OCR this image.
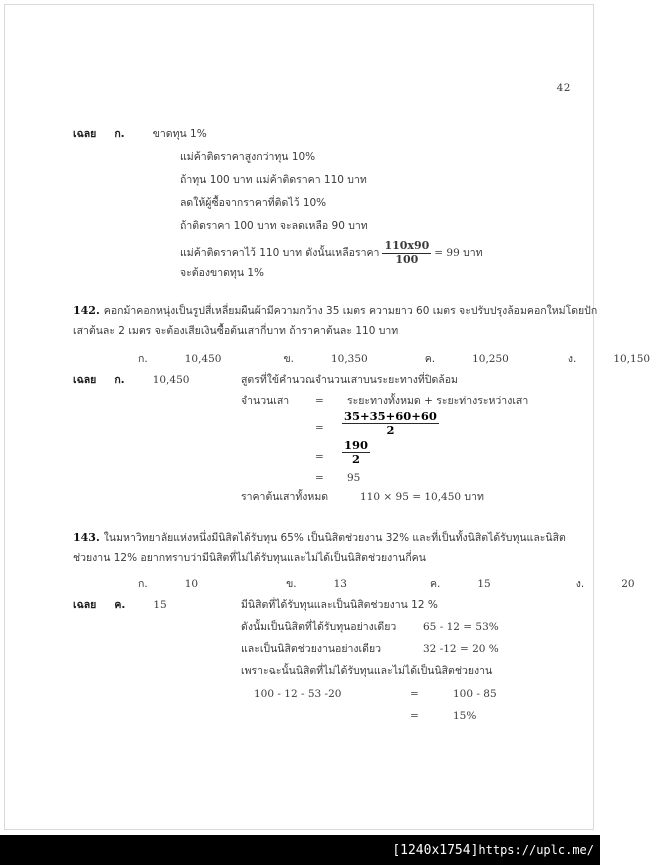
42
เฉลย ก.	ขาดทุน 1%
แม่ค้าติดราคาสูงกว่าทุน 10%
ถ้าทุน 100 บาท แม่ค้าติดราคา 110 บาท
ลดให้ผู้ซื้อจากราคาที่ติดไว้ 10%
ถ้าติดราคา 100 บาท จะลดเหลือ 90 บาท
แม่ค้าติดราคาไว้ 110 บาท ดังนั้นเหลือราคา $\frac{110x90}{100} = 99$ บาท
จะต้องขาดทุน 1%
142. คอกม้าคอกหนุ่งเป็นรูปสี่เหลี่ยมผืนผ้ามีความกว้าง 35 เมตร ความยาว 60 เมตร จะปรับปรุงล้อมคอกใหม่โดยปัก
เสาต้นละ 2 เมตร จะต้องเสียเงินซื้อต้นเสากี่บาท ถ้าราคาต้นละ 110 บาท
ก.	10,450	ข.	10,350	ค.	10,250	ง.	10,150
เฉลย ก.	10,450	สูตรที่ใข้คำนวณจำนวนเสาบนระยะทางที่ปิดล้อม
จำนวนเสา = ระยะทางทั้งหมด + ระยะท่างระหว่างเสา
= $\frac{35+35+60+60}{2}$
= $\frac{190}{2}$
= 95
ราคาต้นเสาทั้งหมด	110 × 95 = 10,450 บาท
143. ในมหาวิทยาลัยแห่งหนึ่งมีนิสิตได้รับทุน 65% เป็นนิสิตช่วยงาน 32% และที่เป็นทั้งนิสิตได้รับทุนและนิสิต
ช่วยงาน 12% อยากทราบว่ามีนิสิตที่ไม่ได้รับทุนและไม่ได้เป็นนิสิตช่วยงานกี่คน
ก.	10	ข.	13	ค.	15	ง.	20
เฉลย ค.	15	มีนิสิตที่ได้รับทุนและเป็นนิสิตช่วยงาน 12 %
ดังนั้มเป็นนิสิตที่ได้รับทุนอย่างเดียว	65 - 12 = 53%
และเป็นนิสิตช่วยงานอย่างเดียว	32 -12 = 20 %
เพราะฉะนั้นนิสิตที่ไม่ได้รับทุนและไม่ได้เป็นนิสิตช่วยงาน
100 - 12 - 53 -20	=	100 - 85
=	15%
[1240x1754] https://uplc.me/
